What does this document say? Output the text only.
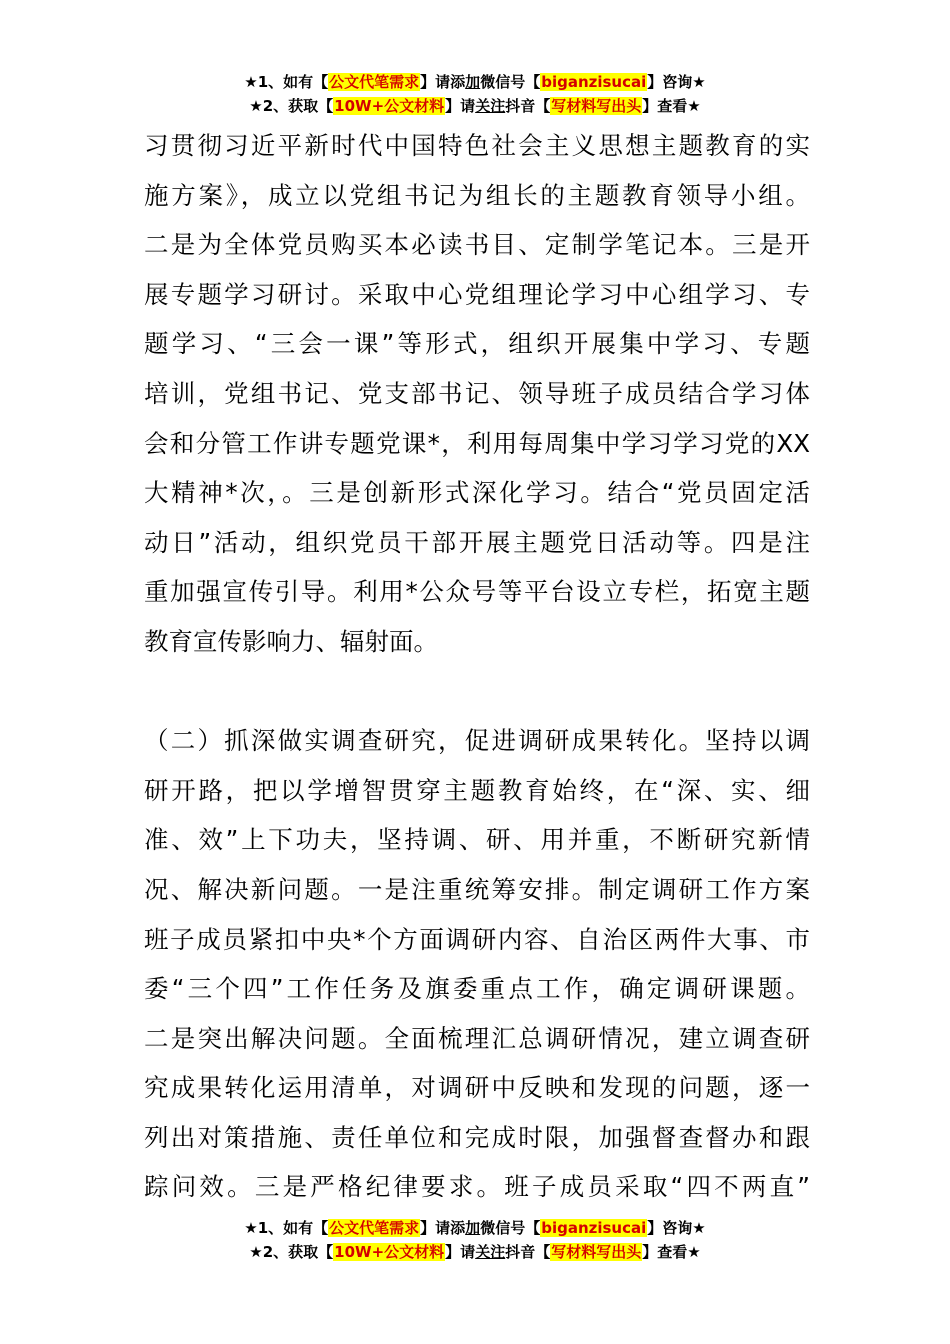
★1、如有【公文代笔需求】请添加微信号【biganzisucai】咨询★
★2、获取【10W+公文材料】请关注抖音【写材料写出头】查看★
习贯彻习近平新时代中国特色社会主义思想主题教育的实
施方案》，成立以党组书记为组长的主题教育领导小组。
二是为全体党员购买本必读书目、定制学笔记本。三是开
展专题学习研讨。采取中心党组理论学习中心组学习、专
题学习、“三会一课”等形式，组织开展集中学习、专题
培训，党组书记、党支部书记、领导班子成员结合学习体
会和分管工作讲专题党课*，利用每周集中学习学习党的XX
大精神*次，。三是创新形式深化学习。结合“党员固定活
动日”活动，组织党员干部开展主题党日活动等。四是注
重加强宣传引导。利用*公众号等平台设立专栏，拓宽主题
教育宣传影响力、辐射面。
（二）抓深做实调查研究，促进调研成果转化。坚持以调
研开路，把以学增智贯穿主题教育始终，在“深、实、细
准、效”上下功夫，坚持调、研、用并重，不断研究新情
况、解决新问题。一是注重统筹安排。制定调研工作方案
班子成员紧扣中央*个方面调研内容、自治区两件大事、市
委“三个四”工作任务及旗委重点工作，确定调研课题。
二是突出解决问题。全面梳理汇总调研情况，建立调查研
究成果转化运用清单，对调研中反映和发现的问题，逐一
列出对策措施、责任单位和完成时限，加强督查督办和跟
踪问效。三是严格纪律要求。班子成员采取“四不两直”
★1、如有【公文代笔需求】请添加微信号【biganzisucai】咨询★
★2、获取【10W+公文材料】请关注抖音【写材料写出头】查看★
